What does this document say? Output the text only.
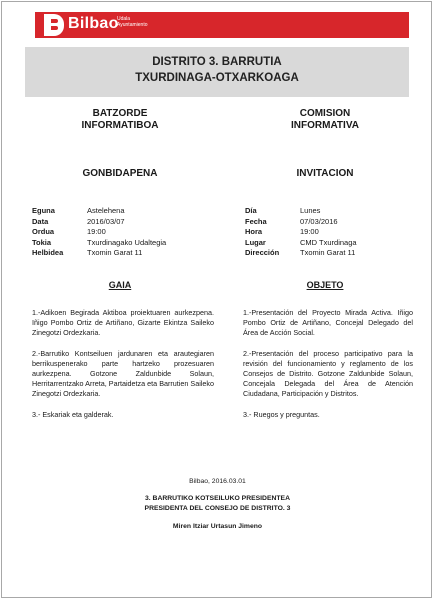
Bilbao
Udala
Ayuntamiento
DISTRITO 3. BARRUTIA
TXURDINAGA-OTXARKOAGA
BATZORDE
INFORMATIBOA
GONBIDAPENA
Eguna	Astelehena
Data	2016/03/07
Ordua	19:00
Tokia	Txurdinagako Udaltegia
Helbidea	Txomin Garat 11
GAIA

1.-Adikoen Begirada Aktiboa proiektuaren aurkezpena. Iñigo Pombo Ortiz de Artiñano, Gizarte Ekintza Saileko Zinegotzi Ordezkaria.

2.-Barrutiko Kontseiluen jardunaren eta arautegiaren berrikuspenerako parte hartzeko prozesuaren aurkezpena. Gotzone Zaldunbide Solaun, Herritarrentzako Arreta, Partaidetza eta Barrutien Saileko Zinegotzi Ordezkaria.

3.- Eskariak eta galderak.

COMISION
INFORMATIVA
INVITACION
Día	Lunes
Fecha	07/03/2016
Hora	19:00
Lugar	CMD Txurdinaga
Dirección	Txomin Garat 11
OBJETO

1.-Presentación del Proyecto Mirada Activa. Iñigo Pombo Ortiz de Artiñano, Concejal Delegado del Área de Acción Social.

2.-Presentación del proceso participativo para la revisión del funcionamiento y reglamento de los Consejos de Distrito. Gotzone Zaldunbide Solaun, Concejala Delegada del Área de Atención Ciudadana, Participación y Distritos.

3.- Ruegos y preguntas.

Bilbao, 2016.03.01
3. BARRUTIKO KOTSEILUKO PRESIDENTEA
PRESIDENTA DEL CONSEJO DE DISTRITO. 3
Miren Itziar Urtasun Jimeno
